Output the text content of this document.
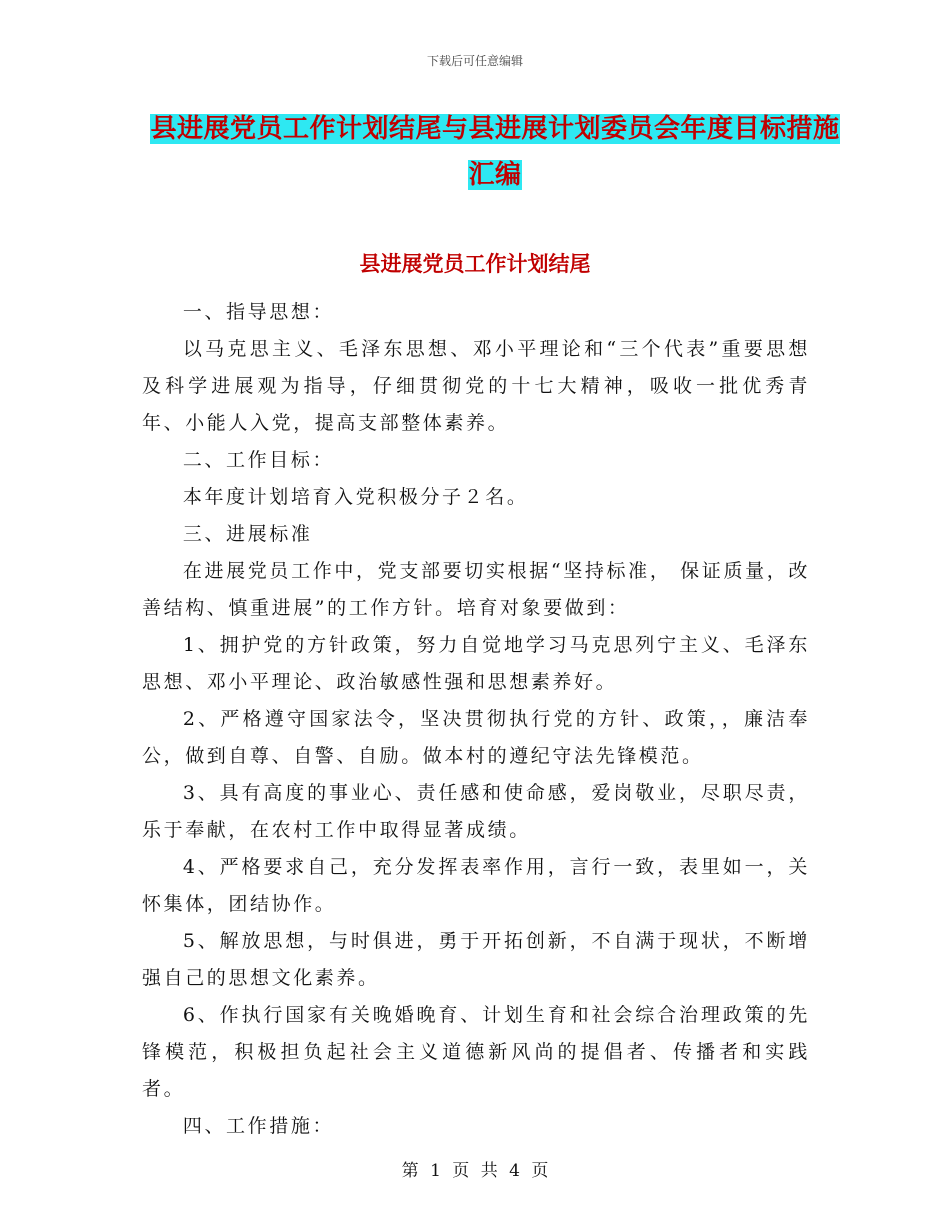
下载后可任意编辑
县进展党员工作计划结尾与县进展计划委员会年度目标措施汇编
县进展党员工作计划结尾

一、指导思想：

以马克思主义、毛泽东思想、邓小平理论和“三个代表”重要思想及科学进展观为指导，仔细贯彻党的十七大精神，吸收一批优秀青年、小能人入党，提高支部整体素养。

二、工作目标：

本年度计划培育入党积极分子２名。

三、进展标准

在进展党员工作中，党支部要切实根据“坚持标准， 保证质量，改善结构、慎重进展”的工作方针。培育对象要做到：

1、拥护党的方针政策，努力自觉地学习马克思列宁主义、毛泽东思想、邓小平理论、政治敏感性强和思想素养好。

2、严格遵守国家法令，坚决贯彻执行党的方针、政策，，廉洁奉公，做到自尊、自警、自励。做本村的遵纪守法先锋模范。

3、具有高度的事业心、责任感和使命感，爱岗敬业，尽职尽责，乐于奉献，在农村工作中取得显著成绩。

4、严格要求自己，充分发挥表率作用，言行一致，表里如一，关怀集体，团结协作。

5、解放思想，与时俱进，勇于开拓创新，不自满于现状，不断增强自己的思想文化素养。

6、作执行国家有关晚婚晚育、计划生育和社会综合治理政策的先锋模范，积极担负起社会主义道德新风尚的提倡者、传播者和实践者。

四、工作措施：

第 1 页 共 4 页
